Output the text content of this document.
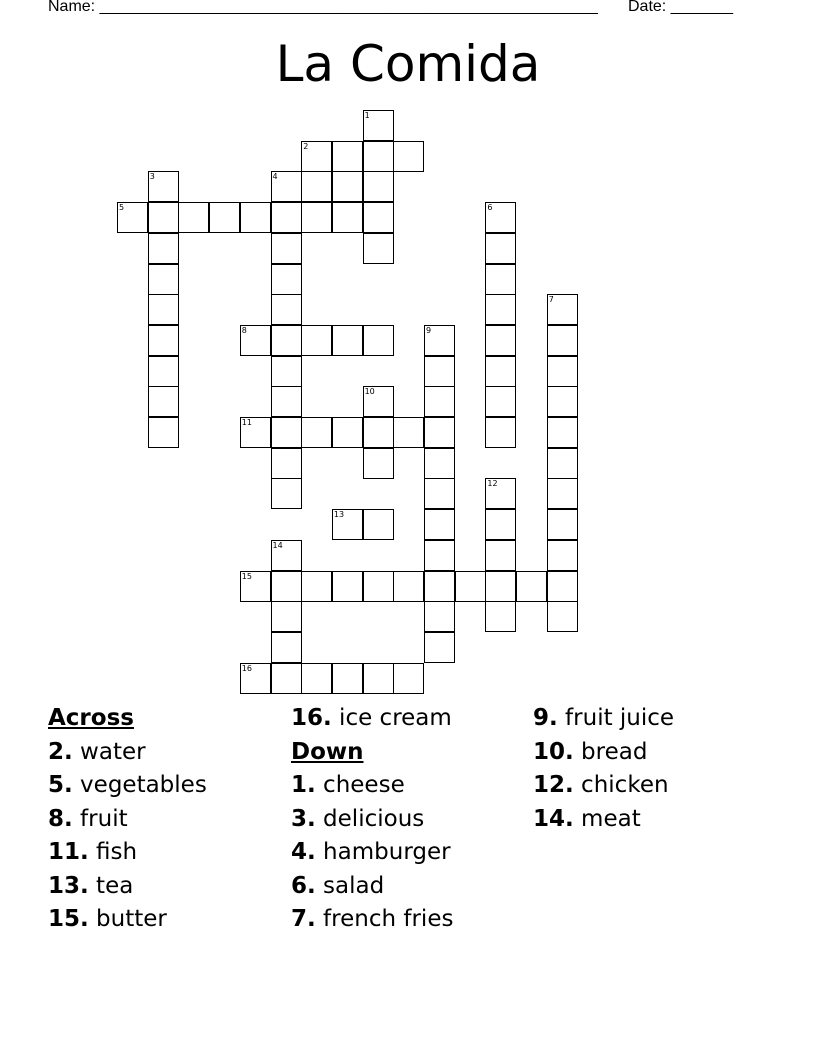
Name: ________________________________________________________

Date: _______

La Comida
1
2
3	4
5	6
7
8	9
10
11
12
13
14
15
16
Across
2. water
5. vegetables
8. fruit
11. fish
13. tea
15. butter
16. ice cream
Down
1. cheese
3. delicious
4. hamburger
6. salad
7. french fries
9. fruit juice
10. bread
12. chicken
14. meat
